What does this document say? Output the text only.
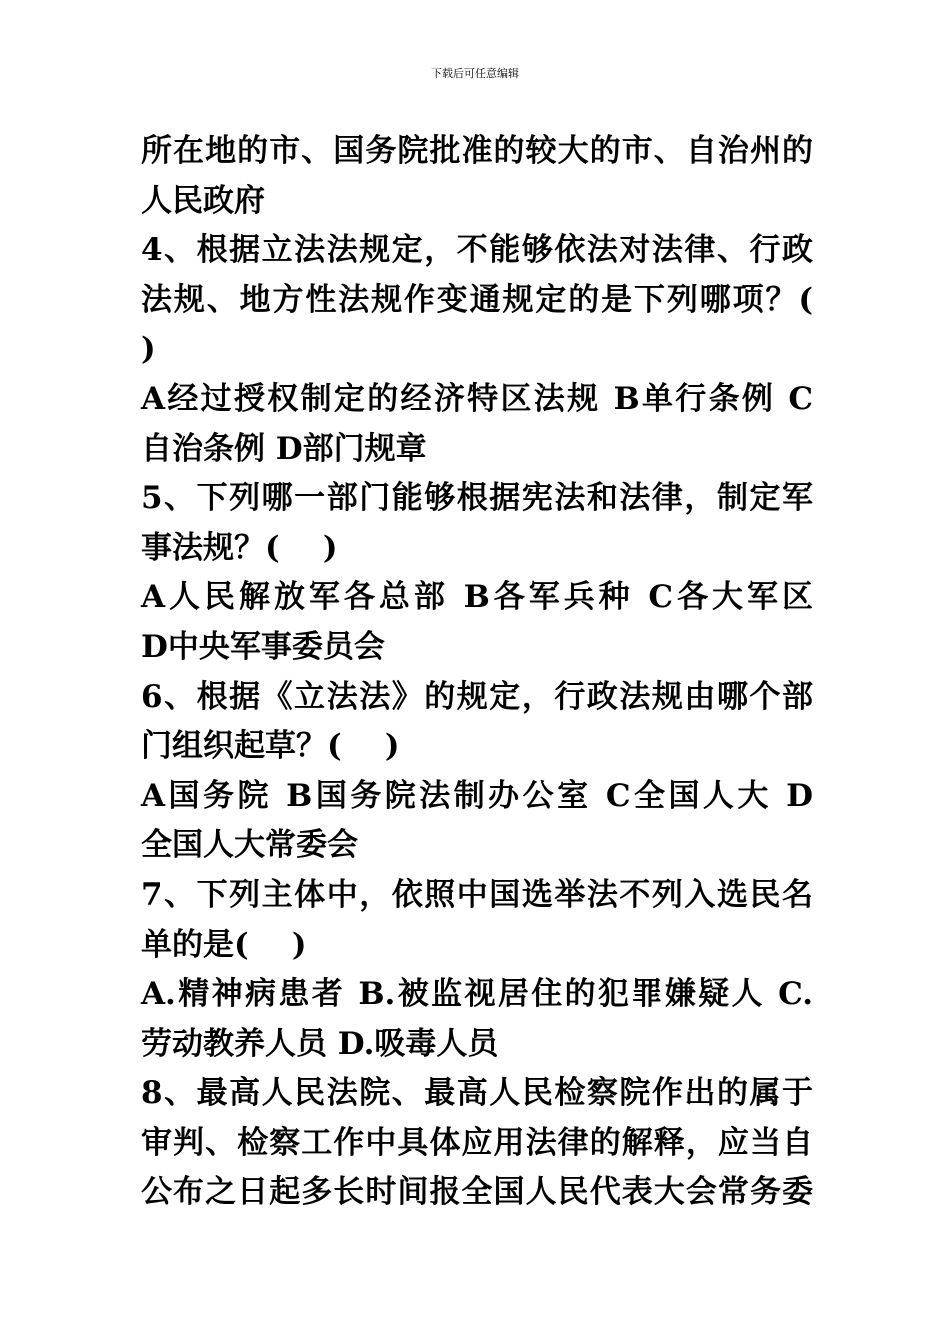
下载后可任意编辑
所在地的市、国务院批准的较大的市、自治州的
人民政府
4、根据立法法规定，不能够依法对法律、行政
法规、地方性法规作变通规定的是下列哪项？(
)
A经过授权制定的经济特区法规 B单行条例 C
自治条例 D部门规章
5、下列哪一部门能够根据宪法和法律，制定军
事法规？(    )
A人民解放军各总部 B各军兵种 C各大军区
D中央军事委员会
6、根据《立法法》的规定，行政法规由哪个部
门组织起草？(    )
A国务院 B国务院法制办公室 C全国人大 D
全国人大常委会
7、下列主体中，依照中国选举法不列入选民名
单的是(    )
A.精神病患者 B.被监视居住的犯罪嫌疑人 C.
劳动教养人员 D.吸毒人员
8、最高人民法院、最高人民检察院作出的属于
审判、检察工作中具体应用法律的解释，应当自
公布之日起多长时间报全国人民代表大会常务委
